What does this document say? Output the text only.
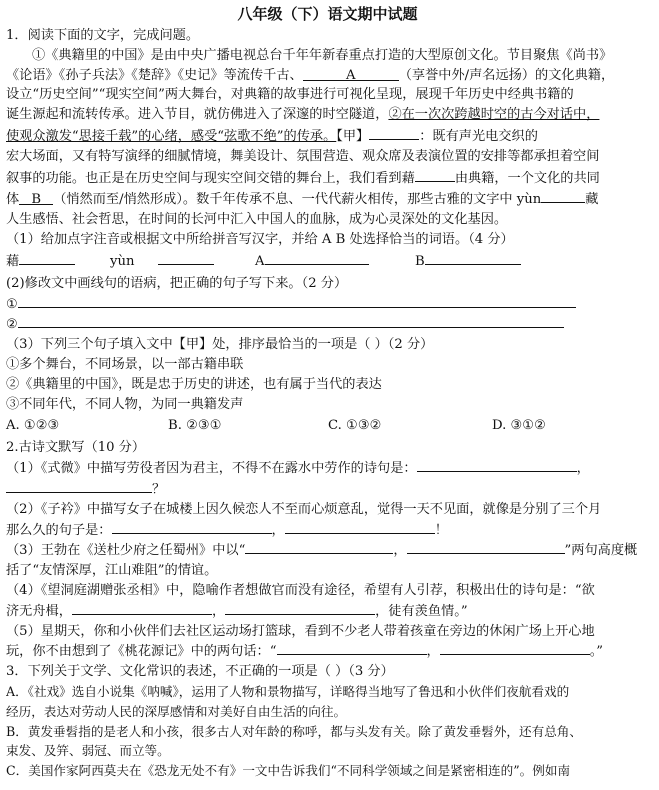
八年级（下）语文期中试题
1．阅读下面的文字，完成问题。
①《典籍里的中国》是由中央广播电视总台千年年新春重点打造的大型原创文化。节目聚焦《尚书》
《论语》《孙子兵法》《楚辞》《史记》等流传千古、	A	（享誉中外/声名远扬）的文化典籍，
设立“历史空间”“现实空间”两大舞台，对典籍的故事进行可视化呈现，展现千年历史中经典书籍的
诞生源起和流转传承。进入节目，就仿佛进入了深邃的时空隧道，②在一次次跨越时空的古今对话中，
使观众激发“思接千载”的心绪，感受“弦歌不绝”的传承。【甲】	：既有声光电交织的
宏大场面，又有特写演绎的细腻情境，舞美设计、氛围营造、观众席及表演位置的安排等都承担着空间
叙事的功能。也正是在历史空间与现实空间交错的舞台上，我们看到藉	由典籍，一个文化的共同
体 B （悄然而至/悄然形成）。数千年传承不息、一代代薪火相传，那些古雅的文字中 yùn	藏
人生感悟、社会哲思，在时间的长河中汇入中国人的血脉，成为心灵深处的文化基因。
（1）给加点字注音或根据文中所给拼音写汉字，并给 A B 处选择恰当的词语。（4 分）
藉	yùn	A	B
(2)修改文中画线句的语病，把正确的句子写下来。（2 分）
①
②
（3）下列三个句子填入文中【甲】处，排序最恰当的一项是（ ）（2 分）
①多个舞台，不同场景，以一部古籍串联
②《典籍里的中国》，既是忠于历史的讲述，也有属于当代的表达
③不同年代，不同人物，为同一典籍发声
A. ①②③	B. ②③①	C. ①③②	D. ③①②
2.古诗文默写（10 分）
（1）《式微》中描写劳役者因为君主，不得不在露水中劳作的诗句是：	，
？
（2）《子衿》中描写女子在城楼上因久候恋人不至而心烦意乱，觉得一天不见面，就像是分别了三个月
那么久的句子是：	，	！
（3）王勃在《送杜少府之任蜀州》中以“	，	”两句高度概
括了“友情深厚，江山难阻”的情谊。
（4）《望洞庭湖赠张丞相》中，隐喻作者想做官而没有途径，希望有人引荐，积极出仕的诗句是：“欲
济无舟楫，	，	，徒有羡鱼情。”
（5）星期天，你和小伙伴们去社区运动场打篮球，看到不少老人带着孩童在旁边的休闲广场上开心地
玩，你不由想到了《桃花源记》中的两句话：“	，	。”
3．下列关于文学、文化常识的表述，不正确的一项是（ ）（3 分）
A．《社戏》选自小说集《呐喊》，运用了人物和景物描写，详略得当地写了鲁迅和小伙伴们夜航看戏的
经历，表达对劳动人民的深厚感情和对美好自由生活的向往。
B．黄发垂髫指的是老人和小孩，很多古人对年龄的称呼，都与头发有关。除了黄发垂髫外，还有总角、
束发、及笄、弱冠、而立等。
C．美国作家阿西莫夫在《恐龙无处不有》一文中告诉我们“不同科学领域之间是紧密相连的”。例如南
